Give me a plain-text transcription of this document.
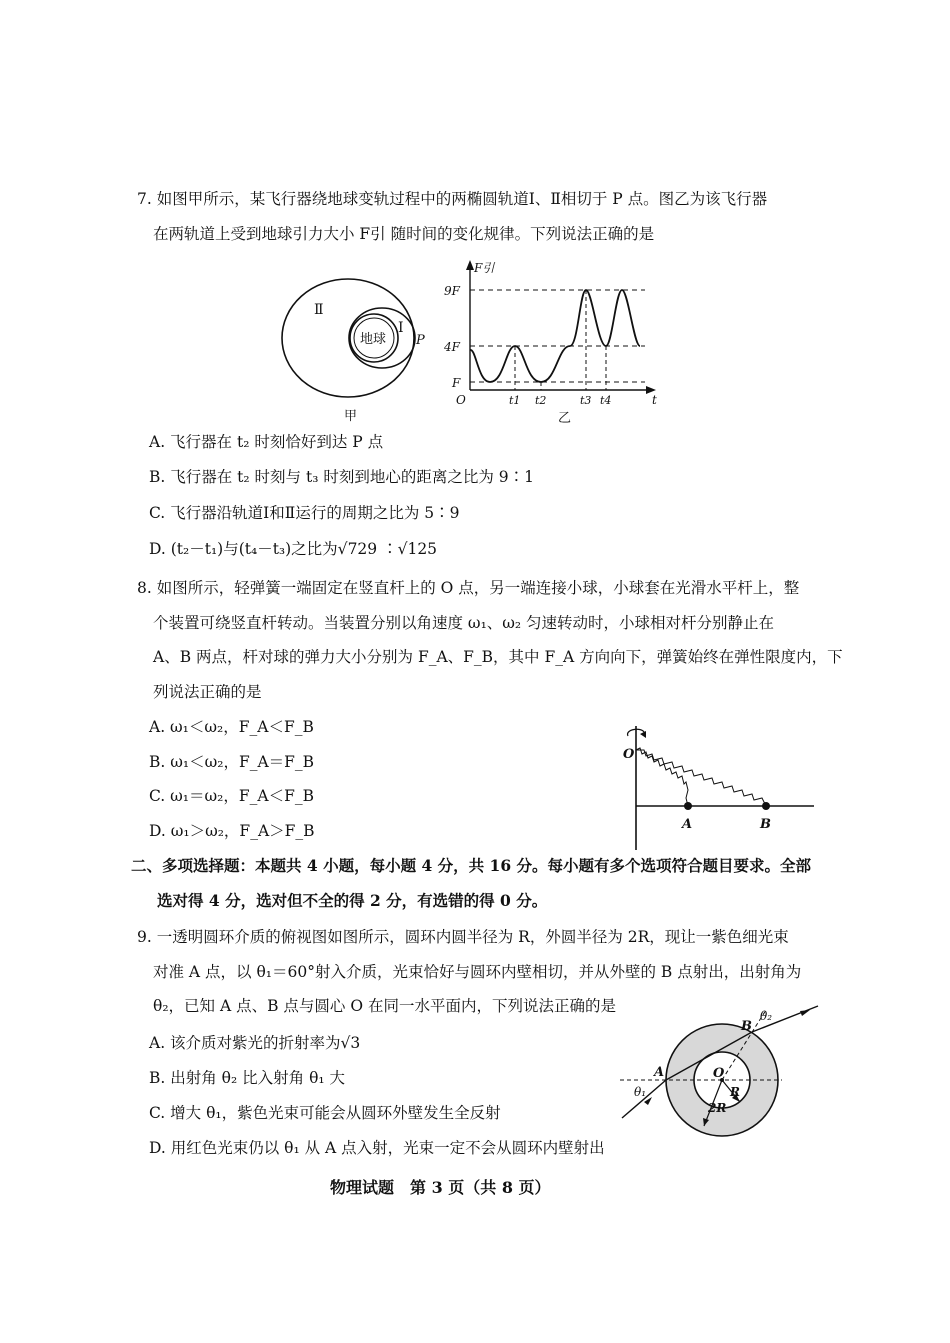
7. 如图甲所示，某飞行器绕地球变轨过程中的两椭圆轨道Ⅰ、Ⅱ相切于 P 点。图乙为该飞行器
在两轨道上受到地球引力大小 F引 随时间的变化规律。下列说法正确的是
Ⅱ
Ⅰ
地球 P
甲
F引
9F
4F
F
O	t
t1 t2	t3 t4
乙
A. 飞行器在 t₂ 时刻恰好到达 P 点
B. 飞行器在 t₂ 时刻与 t₃ 时刻到地心的距离之比为 9∶1
C. 飞行器沿轨道Ⅰ和Ⅱ运行的周期之比为 5∶9
D. (t₂－t₁)与(t₄－t₃)之比为√729 ∶√125
8. 如图所示，轻弹簧一端固定在竖直杆上的 O 点，另一端连接小球，小球套在光滑水平杆上，整
个装置可绕竖直杆转动。当装置分别以角速度 ω₁、ω₂ 匀速转动时，小球相对杆分别静止在
A、B 两点，杆对球的弹力大小分别为 F_A、F_B，其中 F_A 方向向下，弹簧始终在弹性限度内，下
列说法正确的是
A. ω₁＜ω₂，F_A＜F_B
B. ω₁＜ω₂，F_A＝F_B
C. ω₁＝ω₂，F_A＜F_B
D. ω₁＞ω₂，F_A＞F_B
O
A	B
二、多项选择题：本题共 4 小题，每小题 4 分，共 16 分。每小题有多个选项符合题目要求。全部
选对得 4 分，选对但不全的得 2 分，有选错的得 0 分。
9. 一透明圆环介质的俯视图如图所示，圆环内圆半径为 R，外圆半径为 2R，现让一紫色细光束
对准 A 点，以 θ₁＝60°射入介质，光束恰好与圆环内壁相切，并从外壁的 B 点射出，出射角为
θ₂，已知 A 点、B 点与圆心 O 在同一水平面内，下列说法正确的是
A. 该介质对紫光的折射率为√3
B. 出射角 θ₂ 比入射角 θ₁ 大
C. 增大 θ₁，紫色光束可能会从圆环外壁发生全反射
D. 用红色光束仍以 θ₁ 从 A 点入射，光束一定不会从圆环内壁射出
A
B
O
R
2R
θ₁
θ₂
物理试题　第 3 页（共 8 页）
